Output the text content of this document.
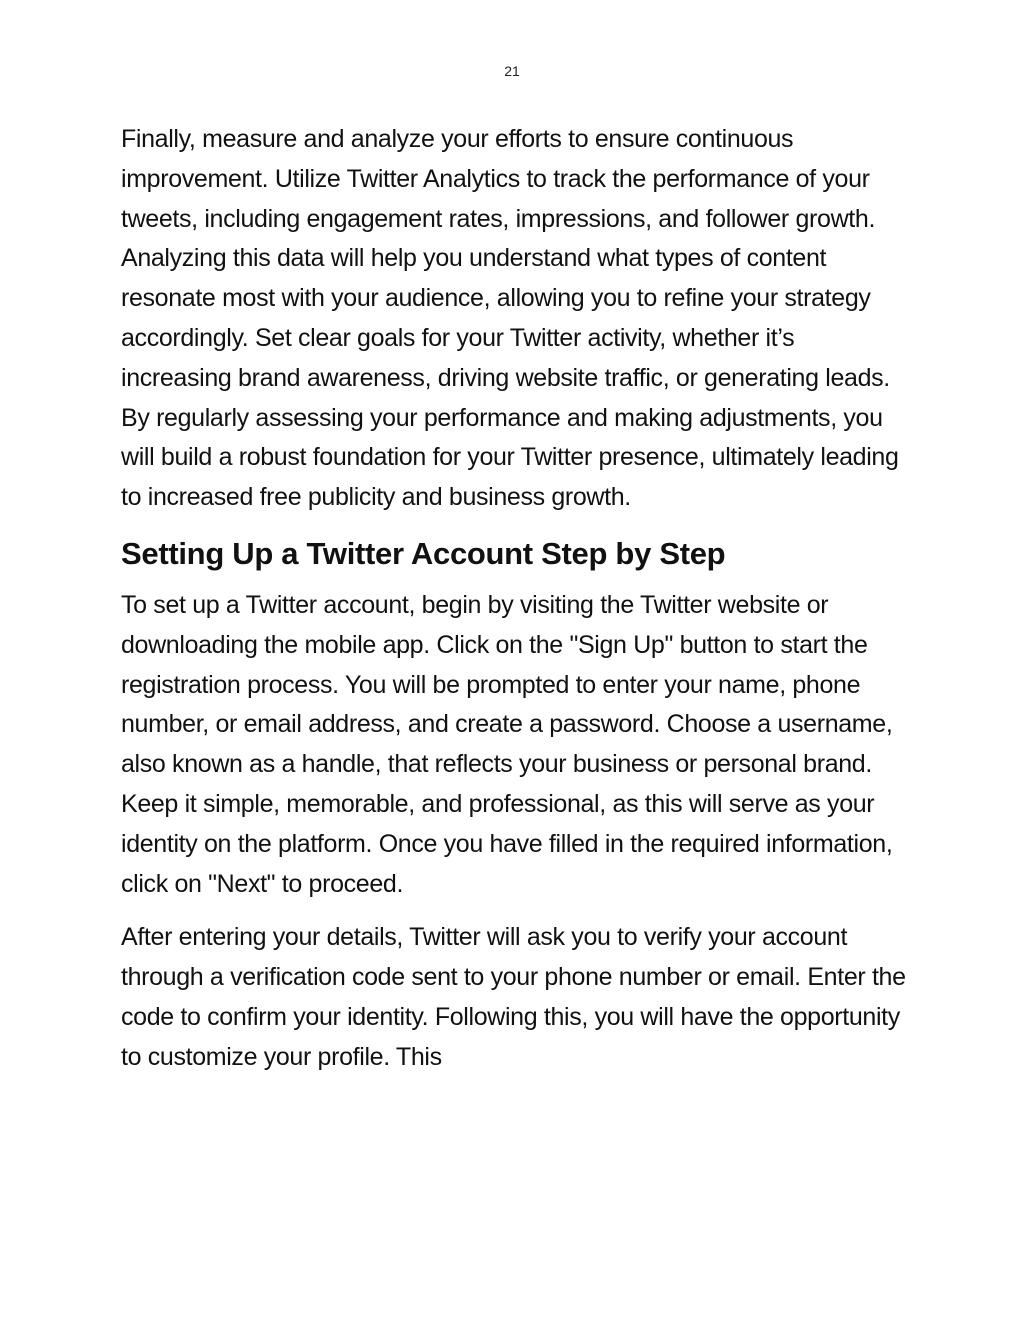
21

Finally, measure and analyze your efforts to ensure continuous improvement. Utilize Twitter Analytics to track the performance of your tweets, including engagement rates, impressions, and follower growth. Analyzing this data will help you understand what types of content resonate most with your audience, allowing you to refine your strategy accordingly. Set clear goals for your Twitter activity, whether it’s increasing brand awareness, driving website traffic, or generating leads. By regularly assessing your performance and making adjustments, you will build a robust foundation for your Twitter presence, ultimately leading to increased free publicity and business growth.

Setting Up a Twitter Account Step by Step

To set up a Twitter account, begin by visiting the Twitter website or downloading the mobile app. Click on the "Sign Up" button to start the registration process. You will be prompted to enter your name, phone number, or email address, and create a password. Choose a username, also known as a handle, that reflects your business or personal brand. Keep it simple, memorable, and professional, as this will serve as your identity on the platform. Once you have filled in the required information, click on "Next" to proceed.

After entering your details, Twitter will ask you to verify your account through a verification code sent to your phone number or email. Enter the code to confirm your identity. Following this, you will have the opportunity to customize your profile. This
